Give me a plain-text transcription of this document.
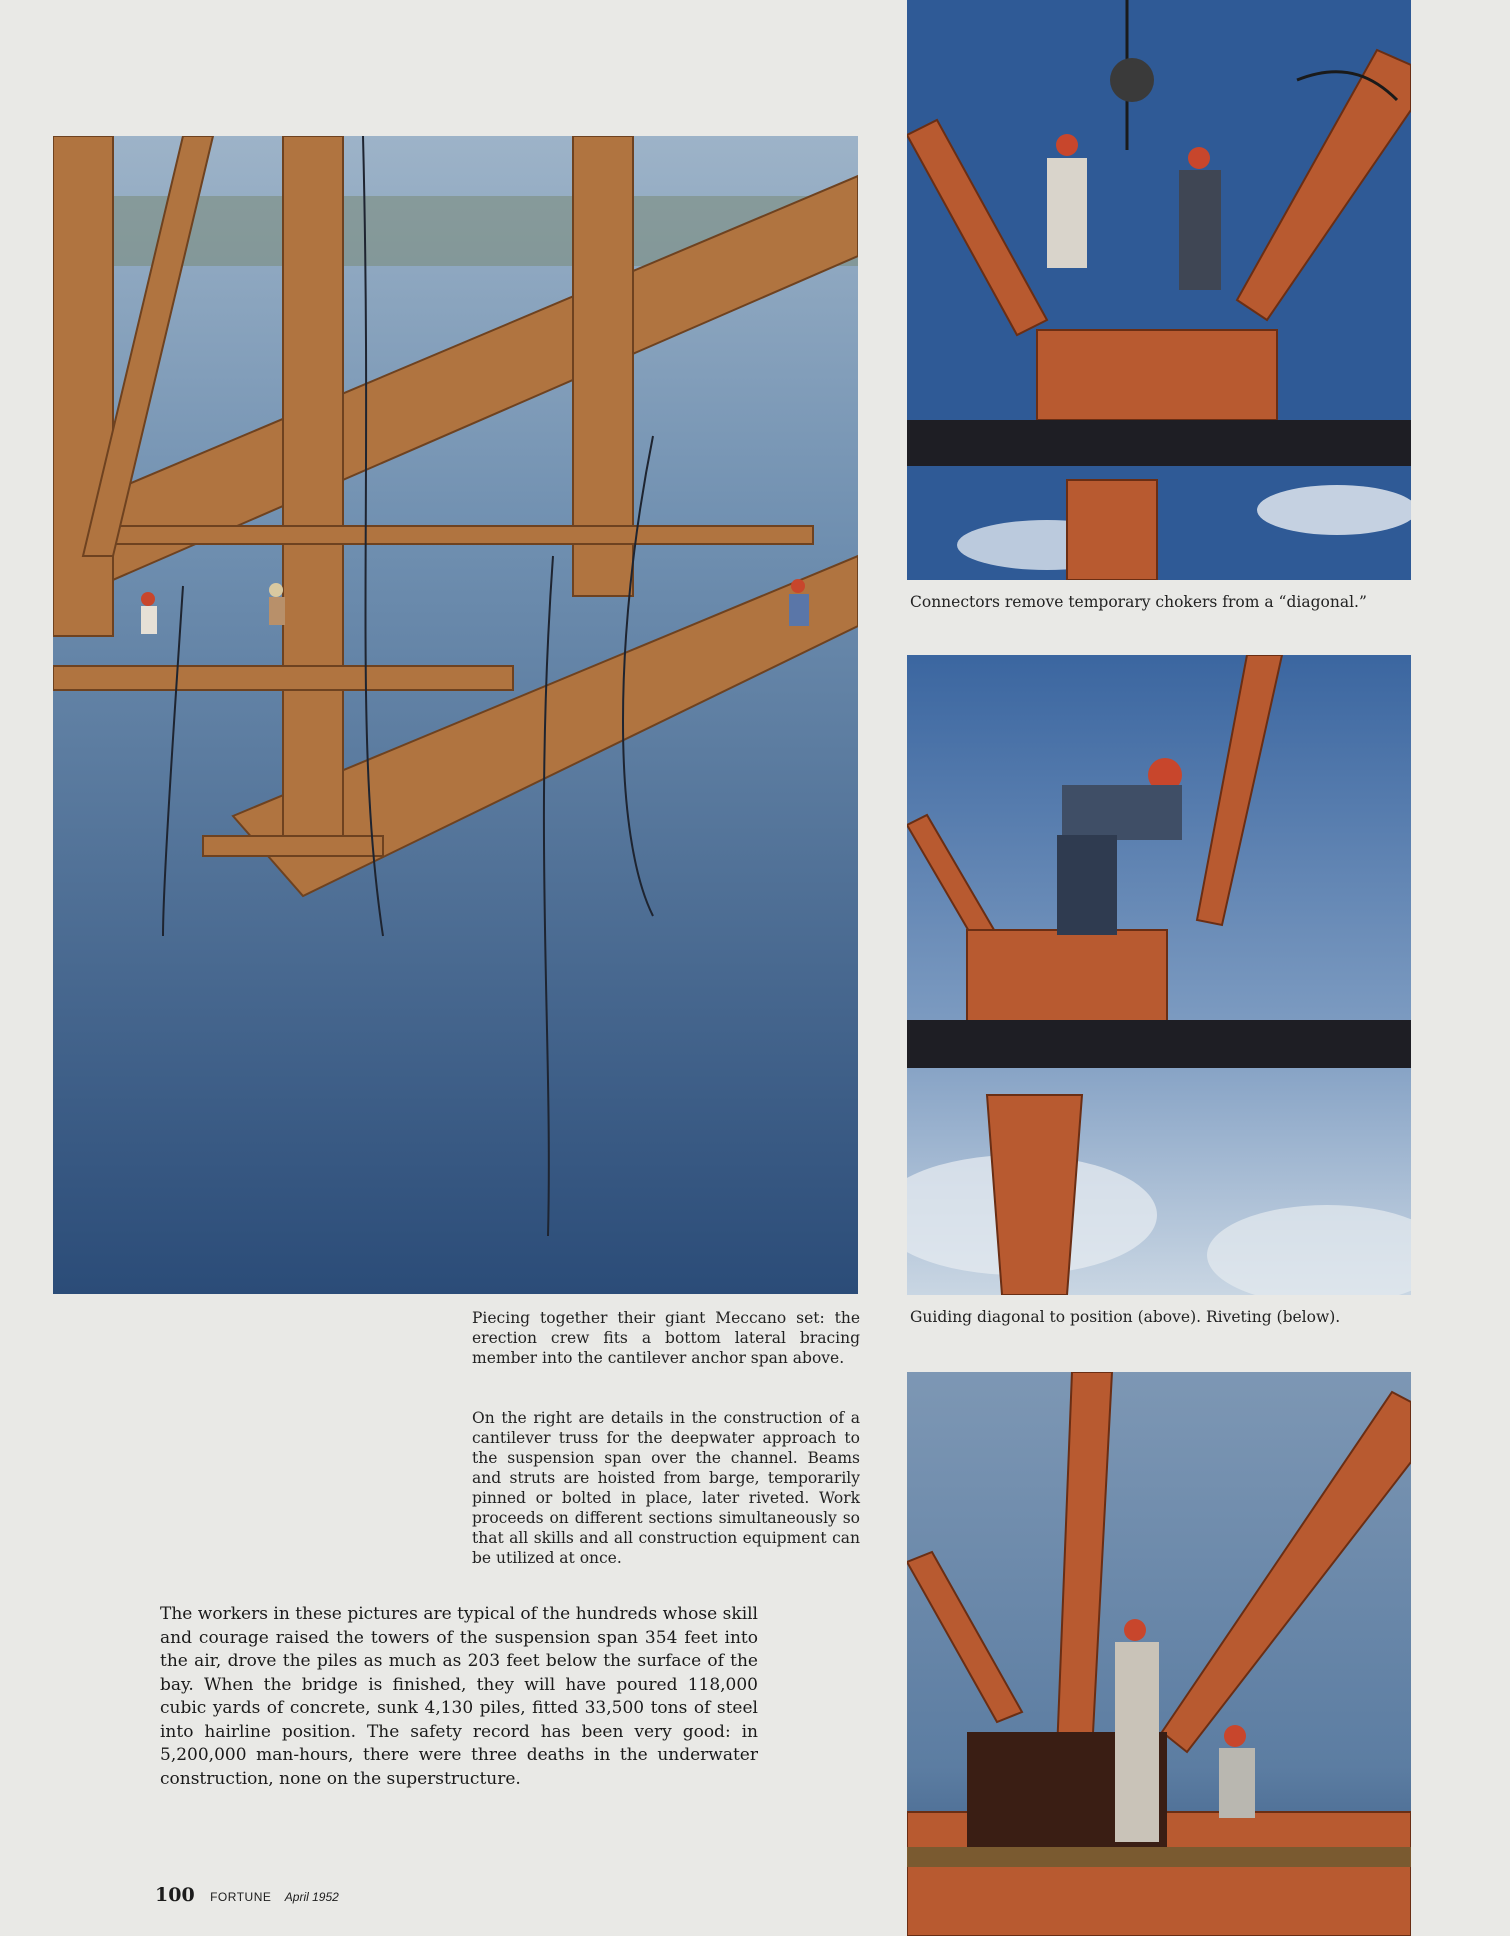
Connectors remove temporary chokers from a “diagonal.”
Guiding diagonal to position (above). Riveting (below).
Piecing together their giant Meccano set: the erection crew fits a bottom lateral bracing member into the cantilever anchor span above.
On the right are details in the construction of a cantilever truss for the deepwater approach to the suspension span over the channel. Beams and struts are hoisted from barge, temporarily pinned or bolted in place, later riveted. Work proceeds on different sections simultaneously so that all skills and all construction equipment can be utilized at once.
The workers in these pictures are typical of the hundreds whose skill and courage raised the towers of the suspension span 354 feet into the air, drove the piles as much as 203 feet below the surface of the bay. When the bridge is finished, they will have poured 118,000 cubic yards of concrete, sunk 4,130 piles, fitted 33,500 tons of steel into hairline position. The safety record has been very good: in 5,200,000 man-hours, there were three deaths in the underwater construction, none on the superstructure.
100 FORTUNE April 1952
